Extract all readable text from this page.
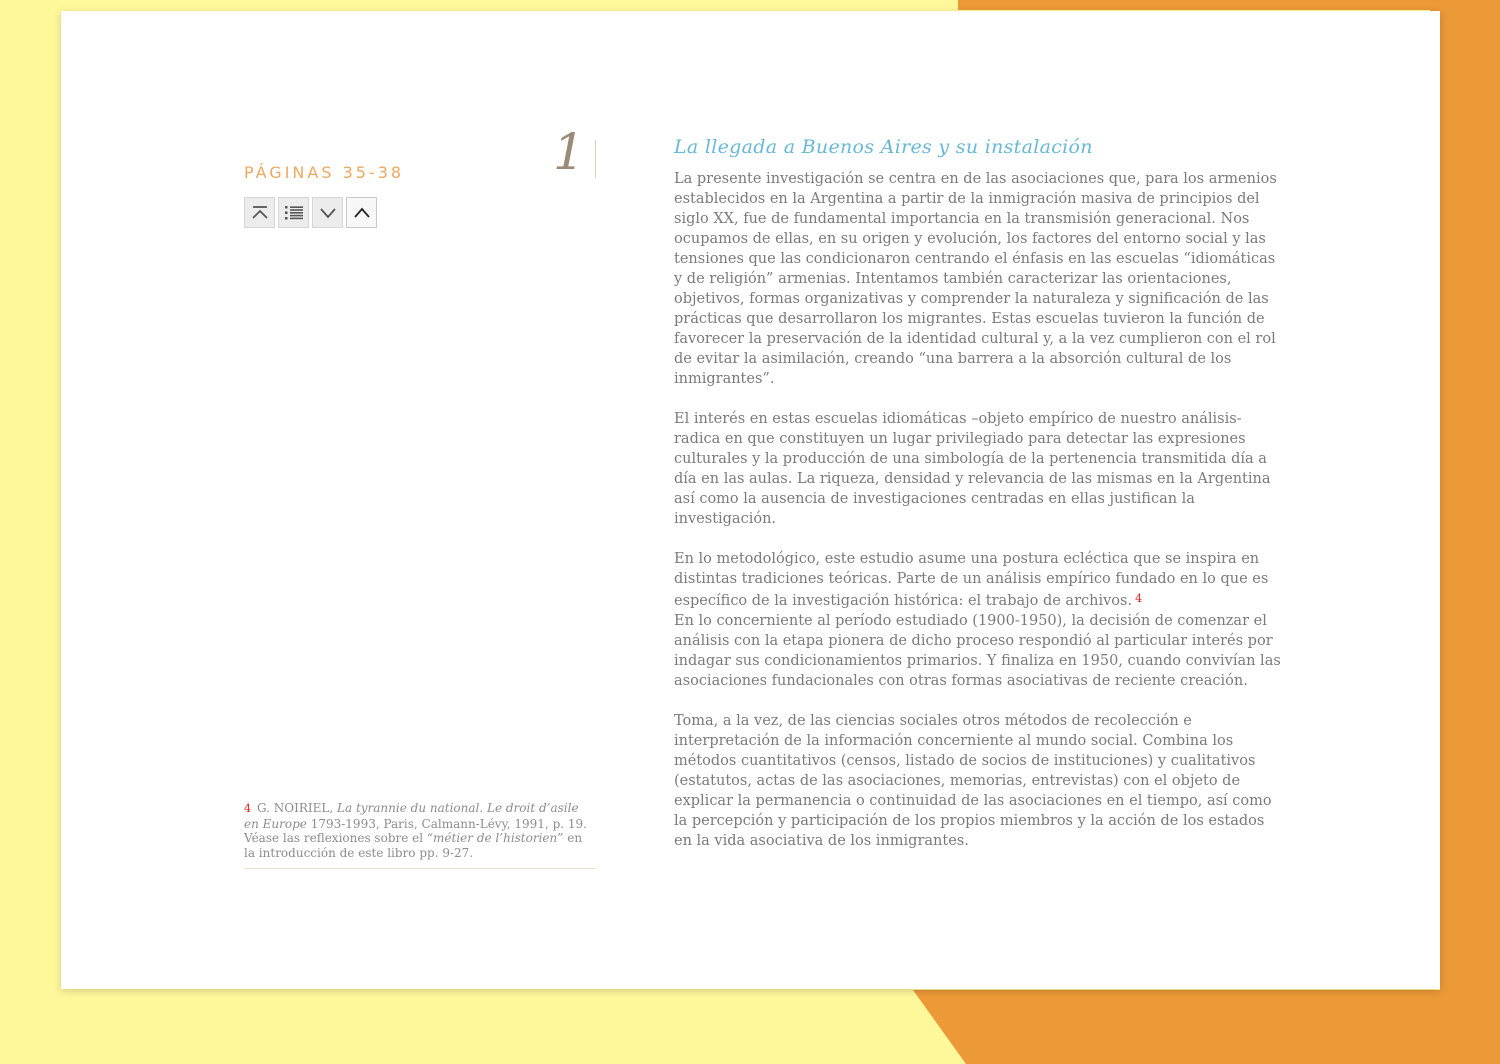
PÁGINAS 35-38	1
4 G. NOIRIEL, La tyrannie du national. Le droit d’asile en Europe 1793-1993, Paris, Calmann-Lévy, 1991, p. 19. Véase las reflexiones sobre el “métier de l’historien” en la introducción de este libro pp. 9-27.
La llegada a Buenos Aires y su instalación

La presente investigación se centra en de las asociaciones que, para los armenios establecidos en la Argentina a partir de la inmigración masiva de principios del siglo XX, fue de fundamental importancia en la transmisión generacional. Nos ocupamos de ellas, en su origen y evolución, los factores del entorno social y las tensiones que las condicionaron centrando el énfasis en las escuelas “idiomáticas y de religión” armenias. Intentamos también caracterizar las orientaciones, objetivos, formas organizativas y comprender la naturaleza y significación de las prácticas que desarrollaron los migrantes. Estas escuelas tuvieron la función de favorecer la preservación de la identidad cultural y, a la vez cumplieron con el rol de evitar la asimilación, creando “una barrera a la absorción cultural de los inmigrantes”.

El interés en estas escuelas idiomáticas –objeto empírico de nuestro análisis- radica en que constituyen un lugar privilegiado para detectar las expresiones culturales y la producción de una simbología de la pertenencia transmitida día a día en las aulas. La riqueza, densidad y relevancia de las mismas en la Argentina así como la ausencia de investigaciones centradas en ellas justifican la investigación.

En lo metodológico, este estudio asume una postura ecléctica que se inspira en distintas tradiciones teóricas. Parte de un análisis empírico fundado en lo que es específico de la investigación histórica: el trabajo de archivos. $^4$
En lo concerniente al período estudiado (1900-1950), la decisión de comenzar el análisis con la etapa pionera de dicho proceso respondió al particular interés por indagar sus condicionamientos primarios. Y finaliza en 1950, cuando convivían las asociaciones fundacionales con otras formas asociativas de reciente creación.

Toma, a la vez, de las ciencias sociales otros métodos de recolección e interpretación de la información concerniente al mundo social. Combina los métodos cuantitativos (censos, listado de socios de instituciones) y cualitativos (estatutos, actas de las asociaciones, memorias, entrevistas) con el objeto de explicar la permanencia o continuidad de las asociaciones en el tiempo, así como la percepción y participación de los propios miembros y la acción de los estados en la vida asociativa de los inmigrantes.
